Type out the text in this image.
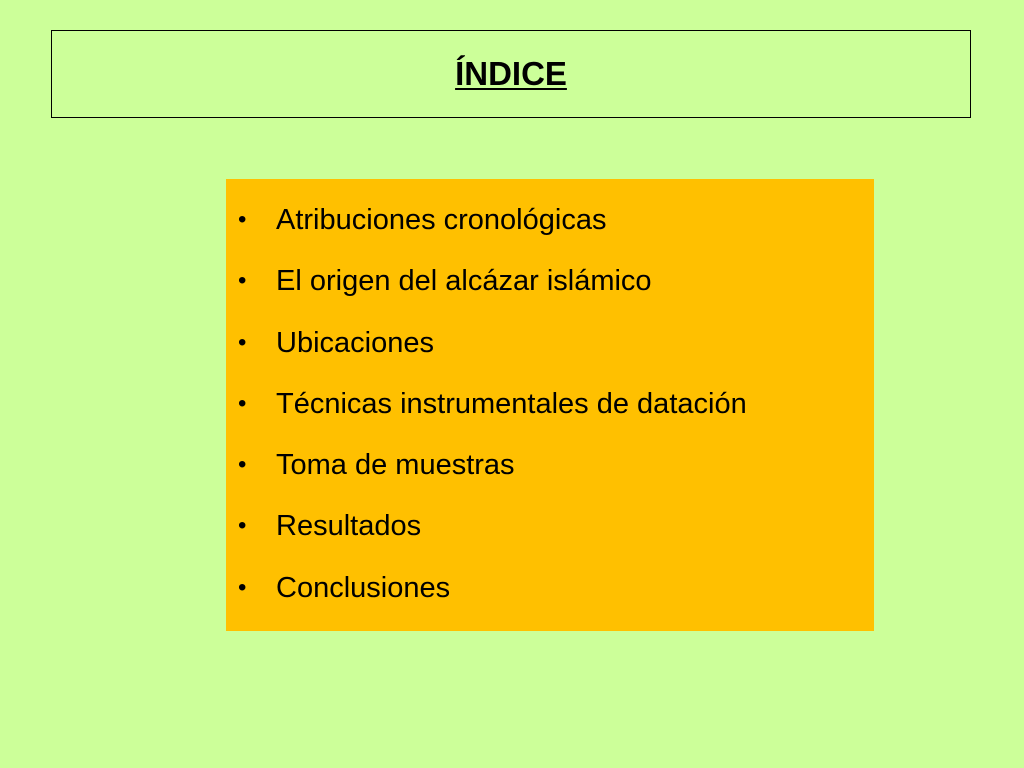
ÍNDICE
• Atribuciones cronológicas
• El origen del alcázar islámico
• Ubicaciones
• Técnicas instrumentales de datación
• Toma de muestras
• Resultados
• Conclusiones
